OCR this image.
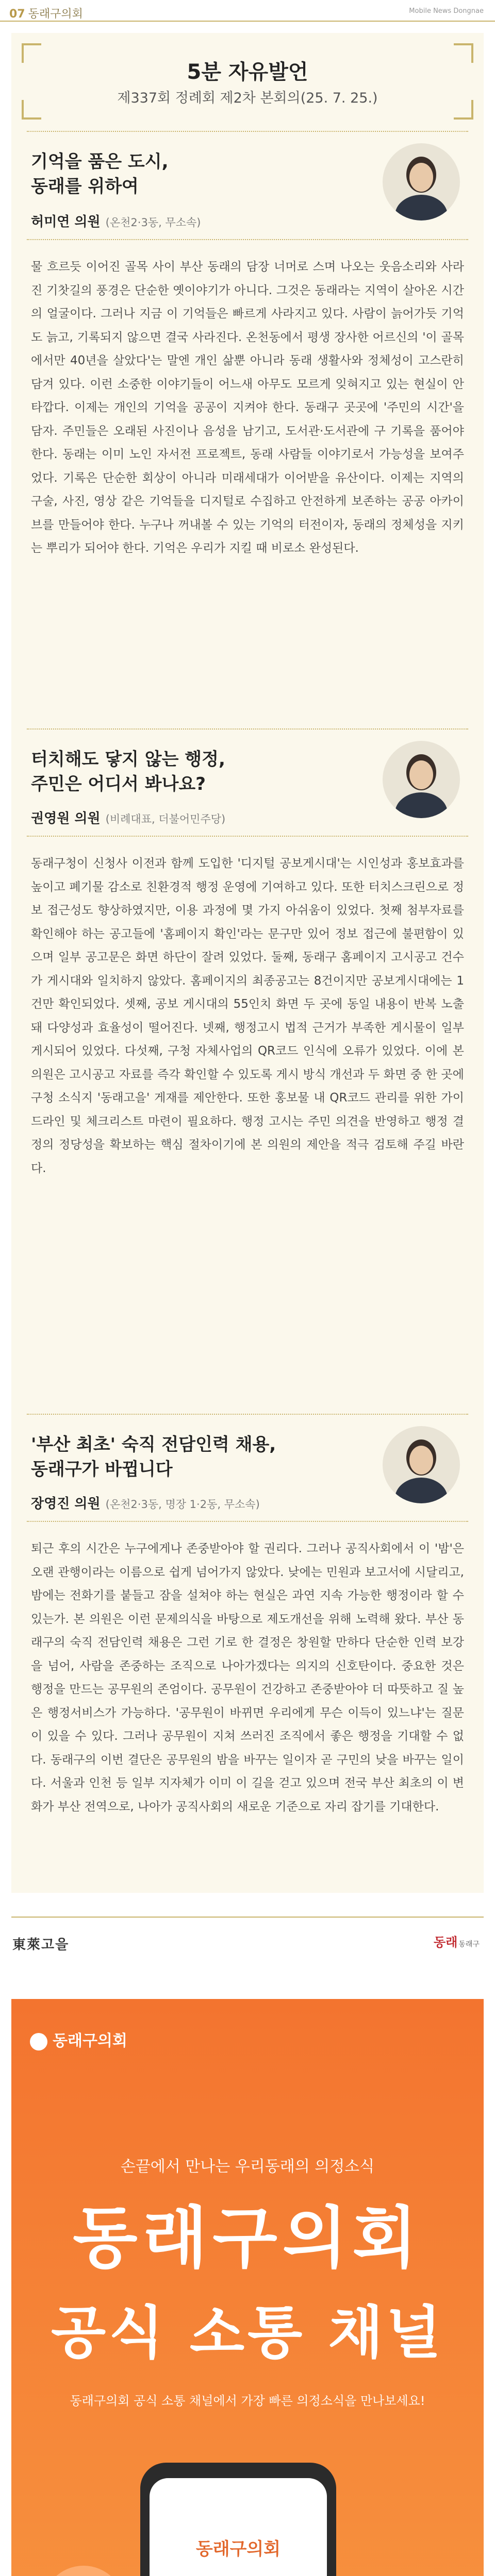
07 동래구의회	Mobile News Dongnae
5분 자유발언
제337회 정례회 제2차 본회의(25. 7. 25.)
기억을 품은 도시,
동래를 위하여
허미연 의원 (온천2·3동, 무소속)

물 흐르듯 이어진 골목 사이 부산 동래의 담장 너머로 스며 나오는 웃음소리와 사라진 기찻길의 풍경은 단순한 옛이야기가 아니다. 그것은 동래라는 지역이 살아온 시간의 얼굴이다. 그러나 지금 이 기억들은 빠르게 사라지고 있다. 사람이 늙어가듯 기억도 늙고, 기록되지 않으면 결국 사라진다. 온천동에서 평생 장사한 어르신의 '이 골목에서만 40년을 살았다'는 말엔 개인 삶뿐 아니라 동래 생활사와 정체성이 고스란히 담겨 있다. 이런 소중한 이야기들이 어느새 아무도 모르게 잊혀지고 있는 현실이 안타깝다. 이제는 개인의 기억을 공공이 지켜야 한다. 동래구 곳곳에 '주민의 시간'을 담자. 주민들은 오래된 사진이나 음성을 남기고, 도서관·도서관에 구 기록을 품어야 한다. 동래는 이미 노인 자서전 프로젝트, 동래 사람들 이야기로서 가능성을 보여주었다. 기록은 단순한 회상이 아니라 미래세대가 이어받을 유산이다. 이제는 지역의 구술, 사진, 영상 같은 기억들을 디지털로 수집하고 안전하게 보존하는 공공 아카이브를 만들어야 한다. 누구나 꺼내볼 수 있는 기억의 터전이자, 동래의 정체성을 지키는 뿌리가 되어야 한다. 기억은 우리가 지킬 때 비로소 완성된다.

터치해도 닿지 않는 행정,
주민은 어디서 봐나요?
권영원 의원 (비례대표, 더불어민주당)

동래구청이 신청사 이전과 함께 도입한 '디지털 공보게시대'는 시인성과 홍보효과를 높이고 폐기물 감소로 친환경적 행정 운영에 기여하고 있다. 또한 터치스크린으로 정보 접근성도 향상하였지만, 이용 과정에 몇 가지 아쉬움이 있었다. 첫째 첨부자료를 확인해야 하는 공고들에 '홈페이지 확인'라는 문구만 있어 정보 접근에 불편함이 있으며 일부 공고문은 화면 하단이 잘려 있었다. 둘째, 동래구 홈페이지 고시공고 건수가 게시대와 일치하지 않았다. 홈페이지의 최종공고는 8건이지만 공보게시대에는 1건만 확인되었다. 셋째, 공보 게시대의 55인치 화면 두 곳에 동일 내용이 반복 노출돼 다양성과 효율성이 떨어진다. 넷째, 행정고시 법적 근거가 부족한 게시물이 일부 게시되어 있었다. 다섯째, 구청 자체사업의 QR코드 인식에 오류가 있었다. 이에 본 의원은 고시공고 자료를 즉각 확인할 수 있도록 게시 방식 개선과 두 화면 중 한 곳에 구청 소식지 '동래고을' 게재를 제안한다. 또한 홍보물 내 QR코드 관리를 위한 가이드라인 및 체크리스트 마련이 필요하다. 행정 고시는 주민 의견을 반영하고 행정 결정의 정당성을 확보하는 핵심 절차이기에 본 의원의 제안을 적극 검토해 주길 바란다.

'부산 최초' 숙직 전담인력 채용,
동래구가 바뀝니다
장영진 의원 (온천2·3동, 명장 1·2동, 무소속)

퇴근 후의 시간은 누구에게나 존중받아야 할 권리다. 그러나 공직사회에서 이 '밤'은 오랜 관행이라는 이름으로 쉽게 넘어가지 않았다. 낮에는 민원과 보고서에 시달리고, 밤에는 전화기를 붙들고 잠을 설쳐야 하는 현실은 과연 지속 가능한 행정이라 할 수 있는가. 본 의원은 이런 문제의식을 바탕으로 제도개선을 위해 노력해 왔다. 부산 동래구의 숙직 전담인력 채용은 그런 기로 한 결정은 창원할 만하다 단순한 인력 보강을 넘어, 사람을 존중하는 조직으로 나아가겠다는 의지의 신호탄이다. 중요한 것은 행정을 만드는 공무원의 존엄이다. 공무원이 건강하고 존중받아야 더 따뜻하고 질 높은 행정서비스가 가능하다. '공무원이 바뀌면 우리에게 무슨 이득이 있느냐'는 질문이 있을 수 있다. 그러나 공무원이 지쳐 쓰러진 조직에서 좋은 행정을 기대할 수 없다. 동래구의 이번 결단은 공무원의 밤을 바꾸는 일이자 곧 구민의 낮을 바꾸는 일이다. 서울과 인천 등 일부 지자체가 이미 이 길을 걷고 있으며 전국 부산 최초의 이 변화가 부산 전역으로, 나아가 공직사회의 새로운 기준으로 자리 잡기를 기대한다.

東萊고을	동래 동래구
동래구의회
손끝에서 만나는 우리동래의 의정소식
동래구의회
공식 소통 채널
동래구의회 공식 소통 채널에서 가장 빠른 의정소식을 만나보세요!
동래구의회
